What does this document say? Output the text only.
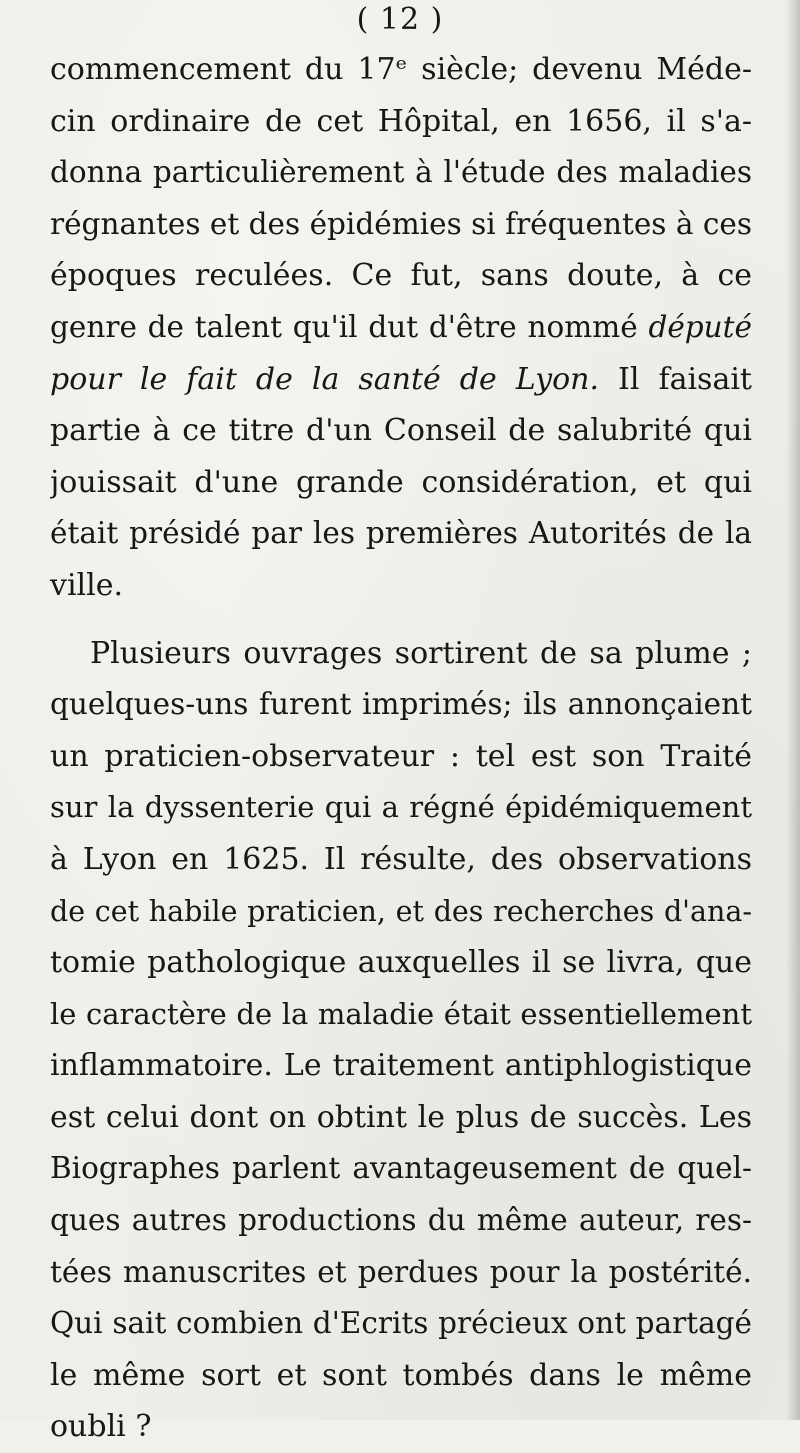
( 12 )
commencement du 17ᵉ siècle; devenu Méde-
cin ordinaire de cet Hôpital, en 1656, il s'a-
donna particulièrement à l'étude des maladies
régnantes et des épidémies si fréquentes à ces
époques reculées. Ce fut, sans doute, à ce
genre de talent qu'il dut d'être nommé député
pour le fait de la santé de Lyon. Il faisait
partie à ce titre d'un Conseil de salubrité qui
jouissait d'une grande considération, et qui
était présidé par les premières Autorités de la
ville.
Plusieurs ouvrages sortirent de sa plume ;
quelques-uns furent imprimés; ils annonçaient
un praticien-observateur : tel est son Traité
sur la dyssenterie qui a régné épidémiquement
à Lyon en 1625. Il résulte, des observations
de cet habile praticien, et des recherches d'ana-
tomie pathologique auxquelles il se livra, que
le caractère de la maladie était essentiellement
inflammatoire. Le traitement antiphlogistique
est celui dont on obtint le plus de succès. Les
Biographes parlent avantageusement de quel-
ques autres productions du même auteur, res-
tées manuscrites et perdues pour la postérité.
Qui sait combien d'Ecrits précieux ont partagé
le même sort et sont tombés dans le même
oubli ?
